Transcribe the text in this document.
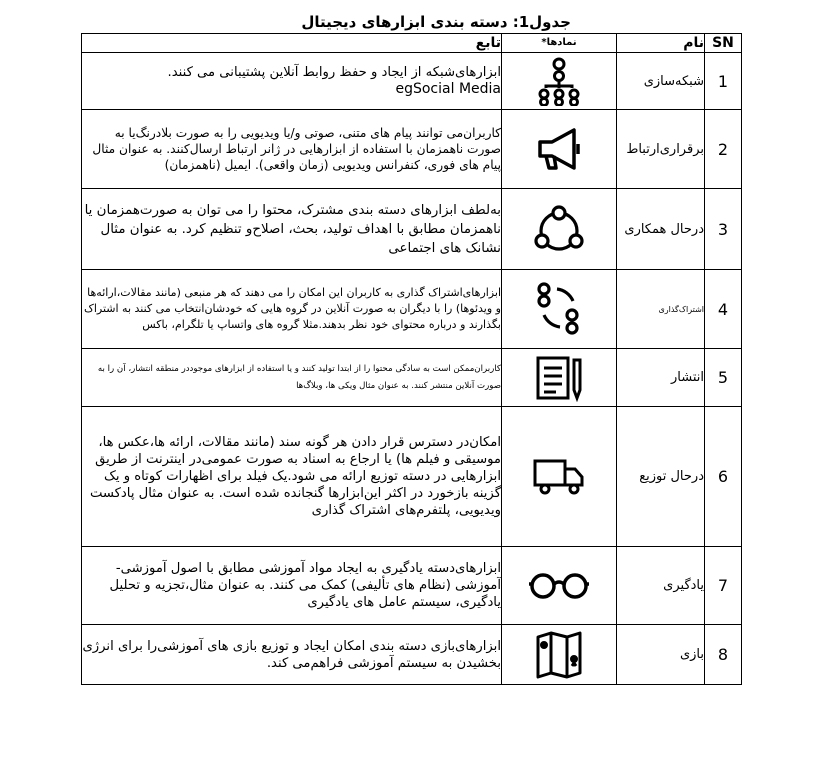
جدول1: دسته بندی ابزارهای دیجیتال
SN	نام	نمادها*	تابع
1	شبکه‌سازی		ابزارهای‌شبکه از ایجاد و حفظ روابط آنلاین پشتیبانی می کنند.
egSocial Media

2	برقراری‌ارتباط		کاربران‌می توانند پیام های متنی، صوتی و/یا ویدیویی را به صورت بلادرنگ‌یا به صورت ناهمزمان با استفاده از ابزارهایی در ژانر ارتباط ارسال‌کنند. به عنوان مثال پیام های فوری، کنفرانس ویدیویی (زمان واقعی). ایمیل (ناهمزمان)
3	درحال همکاری		به‌لطف ابزارهای دسته بندی مشترک، محتوا را می توان به صورت‌همزمان یا ناهمزمان مطابق با اهداف تولید، بحث، اصلاح‌و تنظیم کرد. به عنوان مثال نشانک های اجتماعی
4	اشتراک‌گذاری		ابزارهای‌اشتراک گذاری به کاربران این امکان را می دهند که هر منبعی (مانند مقالات،ارائه‌ها و ویدئو‌ها) را با دیگران به صورت آنلاین در گروه هایی که خودشان‌انتخاب می کنند به اشتراک بگذارند و درباره محتوای خود نظر بدهند.مثلا گروه های واتساپ یا تلگرام، باکس
5	انتشار		کاربران‌ممکن است به سادگی محتوا را از ابتدا تولید کنند و یا استفاده از ابزارهای موجوددر منطقه انتشار، آن را به صورت آنلاین منتشر کنند. به عنوان مثال ویکی ها، وبلاگ‌ها
6	درحال توزیع		امکان‌در دسترس قرار دادن هر گونه سند (مانند مقالات، ارائه ها،عکس ها، موسیقی و فیلم ها) یا ارجاع به اسناد به صورت عمومی‌در اینترنت از طریق ابزارهایی در دسته توزیع ارائه می شود.یک فیلد برای اظهارات کوتاه و یک گزینه بازخورد در اکثر این‌ابزارها گنجانده شده است. به عنوان مثال پادکست ویدیویی، پلتفرم‌های اشتراک گذاری
7	یادگیری		ابزارهای‌دسته یادگیری به ایجاد مواد آموزشی مطابق با اصول آموزشی-آموزشی (نظام های تألیفی) کمک می کنند. به عنوان مثال،تجزیه و تحلیل یادگیری، سیستم عامل های یادگیری
8	بازی		ابزارهای‌بازی دسته بندی امکان ایجاد و توزیع بازی های آموزشی‌را برای انرژی بخشیدن به سیستم آموزشی فراهم‌می کند.
